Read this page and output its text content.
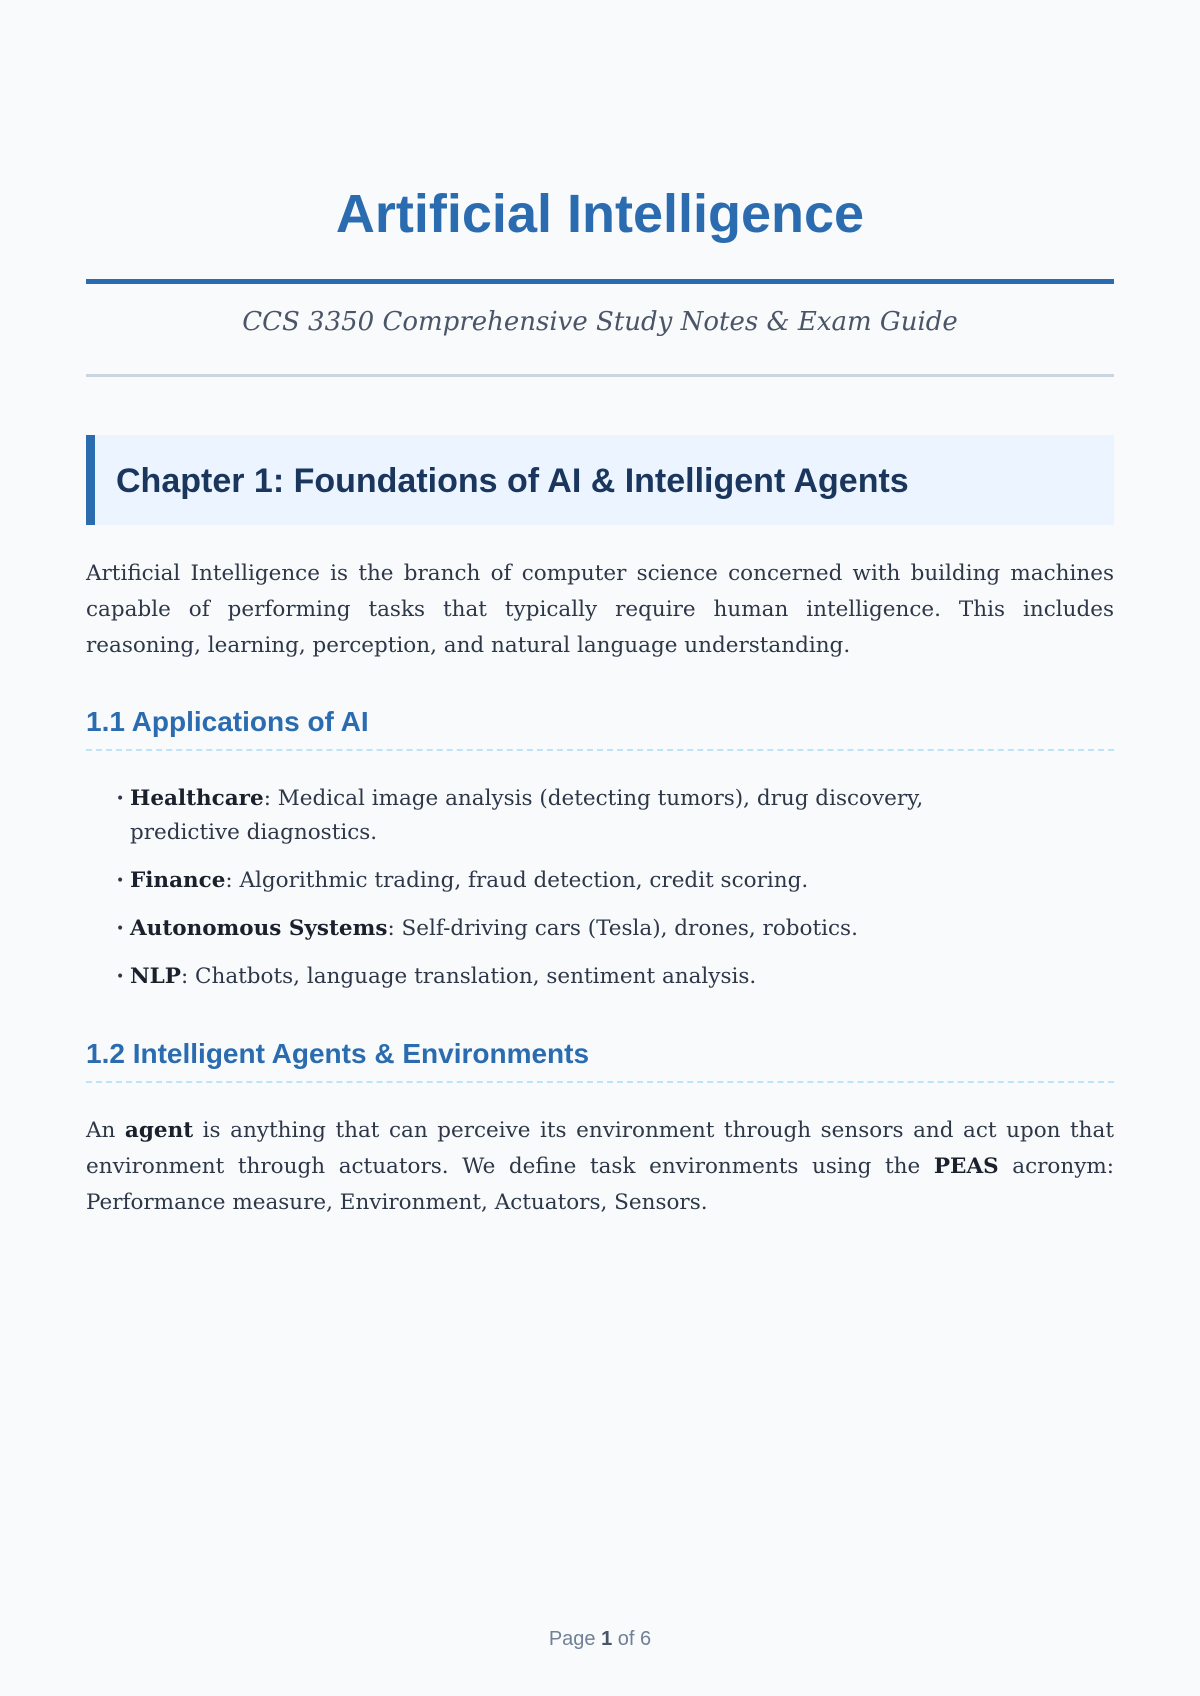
Artificial Intelligence

CCS 3350 Comprehensive Study Notes & Exam Guide

Chapter 1: Foundations of AI & Intelligent Agents

Artificial Intelligence is the branch of computer science concerned with building machines capable of performing tasks that typically require human intelligence. This includes reasoning, learning, perception, and natural language understanding.

1.1 Applications of AI
• Healthcare: Medical image analysis (detecting tumors), drug discovery, predictive diagnostics.
• Finance: Algorithmic trading, fraud detection, credit scoring.
• Autonomous Systems: Self-driving cars (Tesla), drones, robotics.
• NLP: Chatbots, language translation, sentiment analysis.
1.2 Intelligent Agents & Environments

An agent is anything that can perceive its environment through sensors and act upon that environment through actuators. We define task environments using the PEAS acronym: Performance measure, Environment, Actuators, Sensors.

Page 1 of 6
